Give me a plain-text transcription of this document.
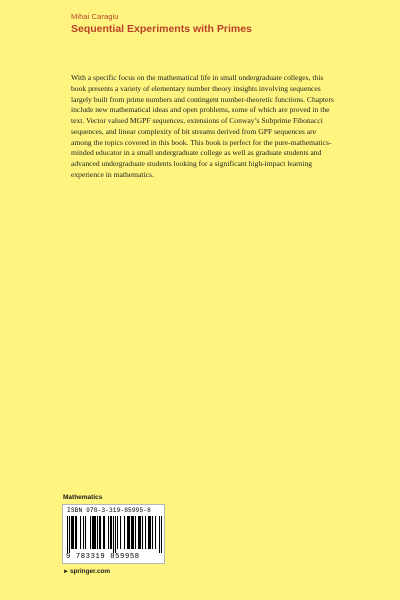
Mihai Caragiu
Sequential Experiments with Primes

With a specific focus on the mathematical life in small undergraduate colleges, this book presents a variety of elementary number theory insights involving sequences largely built from prime numbers and contingent number-theoretic functions. Chapters include new mathematical ideas and open problems, some of which are proved in the text. Vector valued MGPF sequences, extensions of Conway’s Subprime Fibonacci sequences, and linear complexity of bit streams derived from GPF sequences are among the topics covered in this book. This book is perfect for the pure-mathematics-minded educator in a small undergraduate college as well as graduate students and advanced undergraduate students looking for a significant high-impact learning experience in mathematics.

Mathematics
ISBN 978-3-319-85995-8
9 783319 859958
►springer.com
